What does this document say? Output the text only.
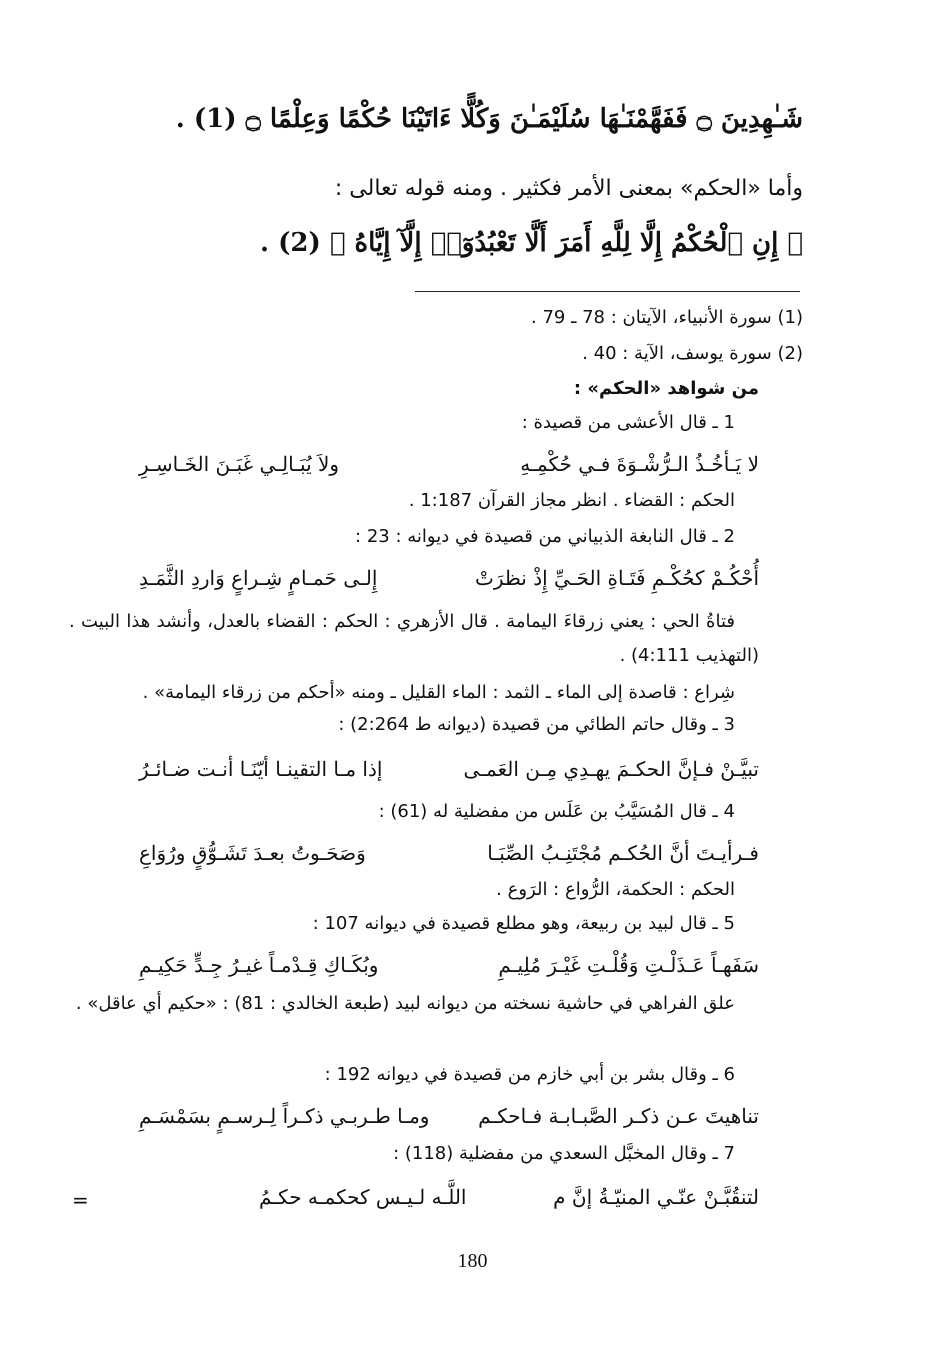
شَـٰهِدِينَ ۝ فَفَهَّمْنَـٰهَا سُلَيْمَـٰنَ وَكُلًّا ءَاتَيْنَا حُكْمًا وَعِلْمًا ۝ (1) .
وأما «الحكم» بمعنى الأمر فكثير . ومنه قوله تعالى :
﴿ إِنِ ٱلْحُكْمُ إِلَّا لِلَّهِ أَمَرَ أَلَّا تَعْبُدُوٓا۟ إِلَّآ إِيَّاهُ ﴾ (2) .
(1) سورة الأنبياء، الآيتان : 78 ـ 79 .
(2) سورة يوسف، الآية : 40 .
من شواهد «الحكم» :
1 ـ قال الأعشى من قصيدة :
لا يَـأخُـذُ الـرُّشْـوَةَ فـي حُكْمِـهِ
ولاَ يُبَـالِـي غَبَـنَ الخَـاسِـرِ
الحكم : القضاء . انظر مجاز القرآن 1:187 .
2 ـ قال النابغة الذبياني من قصيدة في ديوانه : 23 :
أُحْكُـمْ كحُكْـمِ فَتَـاةِ الحَـيِّ إِذْ نظرَتْ
إِلـى حَمـامٍ شِـراعٍ وَاردِ الثَّمَـدِ
فتاةُ الحي : يعني زرقاءَ اليمامة . قال الأزهري : الحكم : القضاء بالعدل، وأنشد هذا البيت . (التهذيب 4:111) .
شِراع : قاصدة إلى الماء ـ الثمد : الماء القليل ـ ومنه «أحكم من زرقاء اليمامة» .
3 ـ وقال حاتم الطائي من قصيدة (ديوانه ط 2:264) :
تبيَّـنْ فـإنَّ الحكـمَ يهـدِي مِـن العَمـى
إذا مـا التقينـا أيّنَـا أنـت ضـائـرُ
4 ـ قال المُسَيَّبُ بن عَلَس من مفضلية له (61) :
فـرأيـتَ أنَّ الحُكـم مُجْتَنِـبُ الصِّبَـا
وَصَحَـوتُ بعـدَ تَشَـوُّقٍ ورُوَاعِ
الحكم : الحكمة، الرُّواع : الرَوع .
5 ـ قال لبيد بن ربيعة، وهو مطلع قصيدة في ديوانه 107 :
سَفَهـاً عَـذَلْـتِ وَقُلْـتِ غَيْـرَ مُلِيـمِ
وبُكَـاكِ قِـدْمـاً غيـرُ جِـدٍّ حَكِيـمِ
علق الفراهي في حاشية نسخته من ديوانه لبيد (طبعة الخالدي : 81) : «حكيم أي عاقل» .
6 ـ وقال بشر بن أبي خازم من قصيدة في ديوانه 192 :
تناهيتَ عـن ذكـر الصَّبـابـة فـاحكـم
ومـا طـربـي ذكـراً لِـرسـمٍ بسَمْسَـمِ
7 ـ وقال المخبَّل السعدي من مفضلية (118) :
لتنقُبَّـنْ عنّـي المنيّـةُ إنَّ م
اللَّـه لـيـس كحكمـه حكـمُ
=
180
